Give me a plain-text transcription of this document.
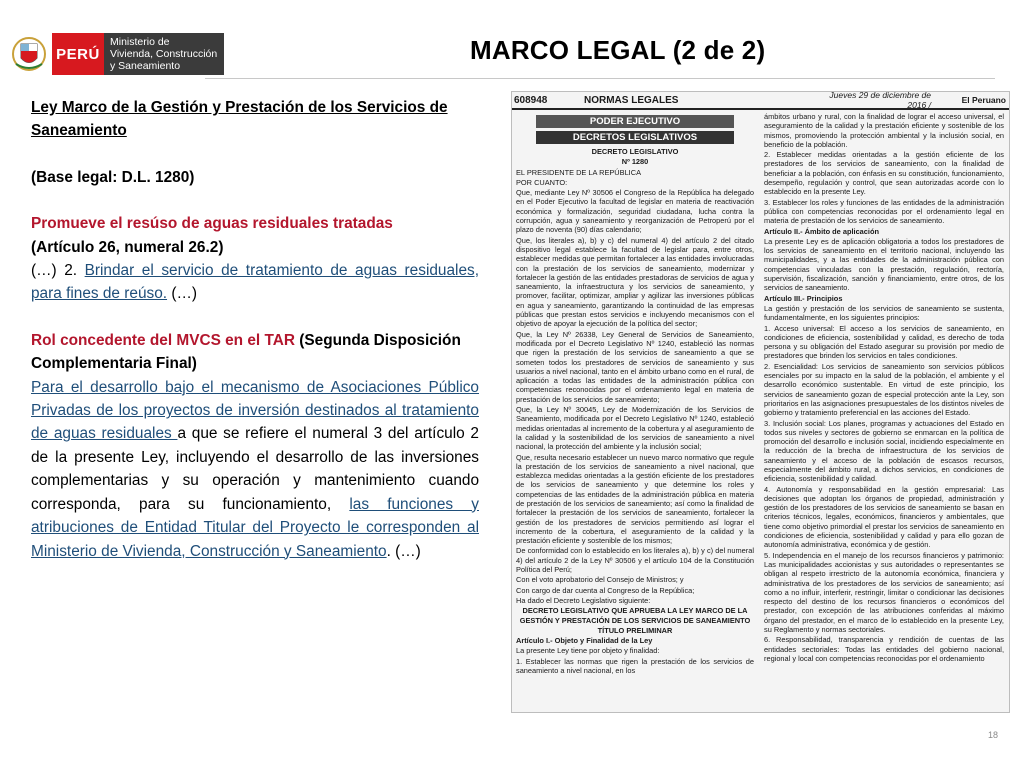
PERÚ
Ministerio de
Vivienda, Construcción
y Saneamiento
MARCO LEGAL (2 de 2)

Ley Marco de la Gestión y Prestación de los Servicios de Saneamiento

(Base legal: D.L. 1280)

Promueve el resúso de aguas residuales tratadas

(Artículo 26, numeral 26.2)

(…) 2. Brindar el servicio de tratamiento de aguas residuales, para fines de reúso. (…)

Rol concedente del MVCS en el TAR (Segunda Disposición Complementaria Final)

Para el desarrollo bajo el mecanismo de Asociaciones Público Privadas de los proyectos de inversión destinados al tratamiento de aguas residuales a que se refiere el numeral 3 del artículo 2 de la presente Ley, incluyendo el desarrollo de las inversiones complementarias y su operación y mantenimiento cuando corresponda, para su funcionamiento, las funciones y atribuciones de Entidad Titular del Proyecto le corresponden al Ministerio de Vivienda, Construcción y Saneamiento. (…)

608948	NORMAS LEGALES	Jueves 29 de diciembre de 2016 /	El Peruano
PODER EJECUTIVO
DECRETOS LEGISLATIVOS

DECRETO LEGISLATIVO

Nº 1280

EL PRESIDENTE DE LA REPÚBLICA

POR CUANTO:

Que, mediante Ley Nº 30506 el Congreso de la República ha delegado en el Poder Ejecutivo la facultad de legislar en materia de reactivación económica y formalización, seguridad ciudadana, lucha contra la corrupción, agua y saneamiento y reorganización de Petroperú por el plazo de noventa (90) días calendario;

Que, los literales a), b) y c) del numeral 4) del artículo 2 del citado dispositivo legal establece la facultad de legislar para, entre otros, establecer medidas que permitan fortalecer a las entidades involucradas con la prestación de los servicios de saneamiento, modernizar y fortalecer la gestión de las entidades prestadoras de servicios de agua y saneamiento, la infraestructura y los servicios de saneamiento, y promover, facilitar, optimizar, ampliar y agilizar las inversiones públicas en agua y saneamiento, garantizando la continuidad de las empresas públicas que prestan estos servicios e incluyendo mecanismos con el objetivo de apoyar la ejecución de la política del sector;

Que, la Ley Nº 26338, Ley General de Servicios de Saneamiento, modificada por el Decreto Legislativo Nº 1240, estableció las normas que rigen la prestación de los servicios de saneamiento a que se someten todos los prestadores de servicios de saneamiento y sus usuarios a nivel nacional, tanto en el ámbito urbano como en el rural, de aplicación a todas las entidades de la administración pública con competencias reconocidas por el ordenamiento legal en materia de prestación de los servicios de saneamiento;

Que, la Ley Nº 30045, Ley de Modernización de los Servicios de Saneamiento, modificada por el Decreto Legislativo Nº 1240, estableció medidas orientadas al incremento de la cobertura y al aseguramiento de la calidad y la sostenibilidad de los servicios de saneamiento a nivel nacional, la protección del ambiente y la inclusión social;

Que, resulta necesario establecer un nuevo marco normativo que regule la prestación de los servicios de saneamiento a nivel nacional, que establezca medidas orientadas a la gestión eficiente de los prestadores de los servicios de saneamiento y que determine los roles y competencias de las entidades de la administración pública en materia de prestación de los servicios de saneamiento; así como la finalidad de fortalecer la prestación de los servicios de saneamiento, fortalecer la gestión de los prestadores de servicios permitiendo así lograr el incremento de la cobertura, el aseguramiento de la calidad y la prestación eficiente y sostenible de los mismos;

De conformidad con lo establecido en los literales a), b) y c) del numeral 4) del artículo 2 de la Ley Nº 30506 y el artículo 104 de la Constitución Política del Perú;

Con el voto aprobatorio del Consejo de Ministros; y

Con cargo de dar cuenta al Congreso de la República;

Ha dado el Decreto Legislativo siguiente:

DECRETO LEGISLATIVO QUE APRUEBA LA LEY MARCO DE LA GESTIÓN Y PRESTACIÓN DE LOS SERVICIOS DE SANEAMIENTO

TÍTULO PRELIMINAR

Artículo I.- Objeto y Finalidad de la Ley

La presente Ley tiene por objeto y finalidad:

1. Establecer las normas que rigen la prestación de los servicios de saneamiento a nivel nacional, en los

ámbitos urbano y rural, con la finalidad de lograr el acceso universal, el aseguramiento de la calidad y la prestación eficiente y sostenible de los mismos, promoviendo la protección ambiental y la inclusión social, en beneficio de la población.

2. Establecer medidas orientadas a la gestión eficiente de los prestadores de los servicios de saneamiento, con la finalidad de beneficiar a la población, con énfasis en su constitución, funcionamiento, desempeño, regulación y control, que sean autorizadas acorde con lo establecido en la presente Ley.

3. Establecer los roles y funciones de las entidades de la administración pública con competencias reconocidas por el ordenamiento legal en materia de prestación de los servicios de saneamiento.

Artículo II.- Ámbito de aplicación

La presente Ley es de aplicación obligatoria a todos los prestadores de los servicios de saneamiento en el territorio nacional, incluyendo las municipalidades, y a las entidades de la administración pública con competencias vinculadas con la prestación, regulación, rectoría, supervisión, fiscalización, sanción y financiamiento, entre otros, de los servicios de saneamiento.

Artículo III.- Principios

La gestión y prestación de los servicios de saneamiento se sustenta, fundamentalmente, en los siguientes principios:

1. Acceso universal: El acceso a los servicios de saneamiento, en condiciones de eficiencia, sostenibilidad y calidad, es derecho de toda persona y su obligación del Estado asegurar su provisión por medio de prestadores que brinden los servicios en tales condiciones.

2. Esencialidad: Los servicios de saneamiento son servicios públicos esenciales por su impacto en la salud de la población, el ambiente y el desarrollo económico sustentable. En virtud de este principio, los servicios de saneamiento gozan de especial protección ante la Ley, son prioritarios en las asignaciones presupuestales de los distintos niveles de gobierno y tratamiento preferencial en las acciones del Estado.

3. Inclusión social: Los planes, programas y actuaciones del Estado en todos sus niveles y sectores de gobierno se enmarcan en la política de promoción del desarrollo e inclusión social, incidiendo especialmente en la reducción de la brecha de infraestructura de los servicios de saneamiento y el acceso de la población de escasos recursos, especialmente del ámbito rural, a dichos servicios, en condiciones de eficiencia, sostenibilidad y calidad.

4. Autonomía y responsabilidad en la gestión empresarial: Las decisiones que adoptan los órganos de propiedad, administración y gestión de los prestadores de los servicios de saneamiento se basan en criterios técnicos, legales, económicos, financieros y ambientales, que tiene como objetivo primordial el prestar los servicios de saneamiento en condiciones de eficiencia, sostenibilidad y calidad y para ello gozan de autonomía administrativa, económica y de gestión.

5. Independencia en el manejo de los recursos financieros y patrimonio: Las municipalidades accionistas y sus autoridades o representantes se obligan al respeto irrestricto de la autonomía económica, financiera y administrativa de los prestadores de los servicios de saneamiento; así como a no influir, interferir, restringir, limitar o condicionar las decisiones respecto del destino de los recursos financieros o económicos del prestador, con excepción de las atribuciones conferidas al máximo órgano del prestador, en el marco de lo establecido en la presente Ley, su Reglamento y normas sectoriales.

6. Responsabilidad, transparencia y rendición de cuentas de las entidades sectoriales: Todas las entidades del gobierno nacional, regional y local con competencias reconocidas por el ordenamiento

18
